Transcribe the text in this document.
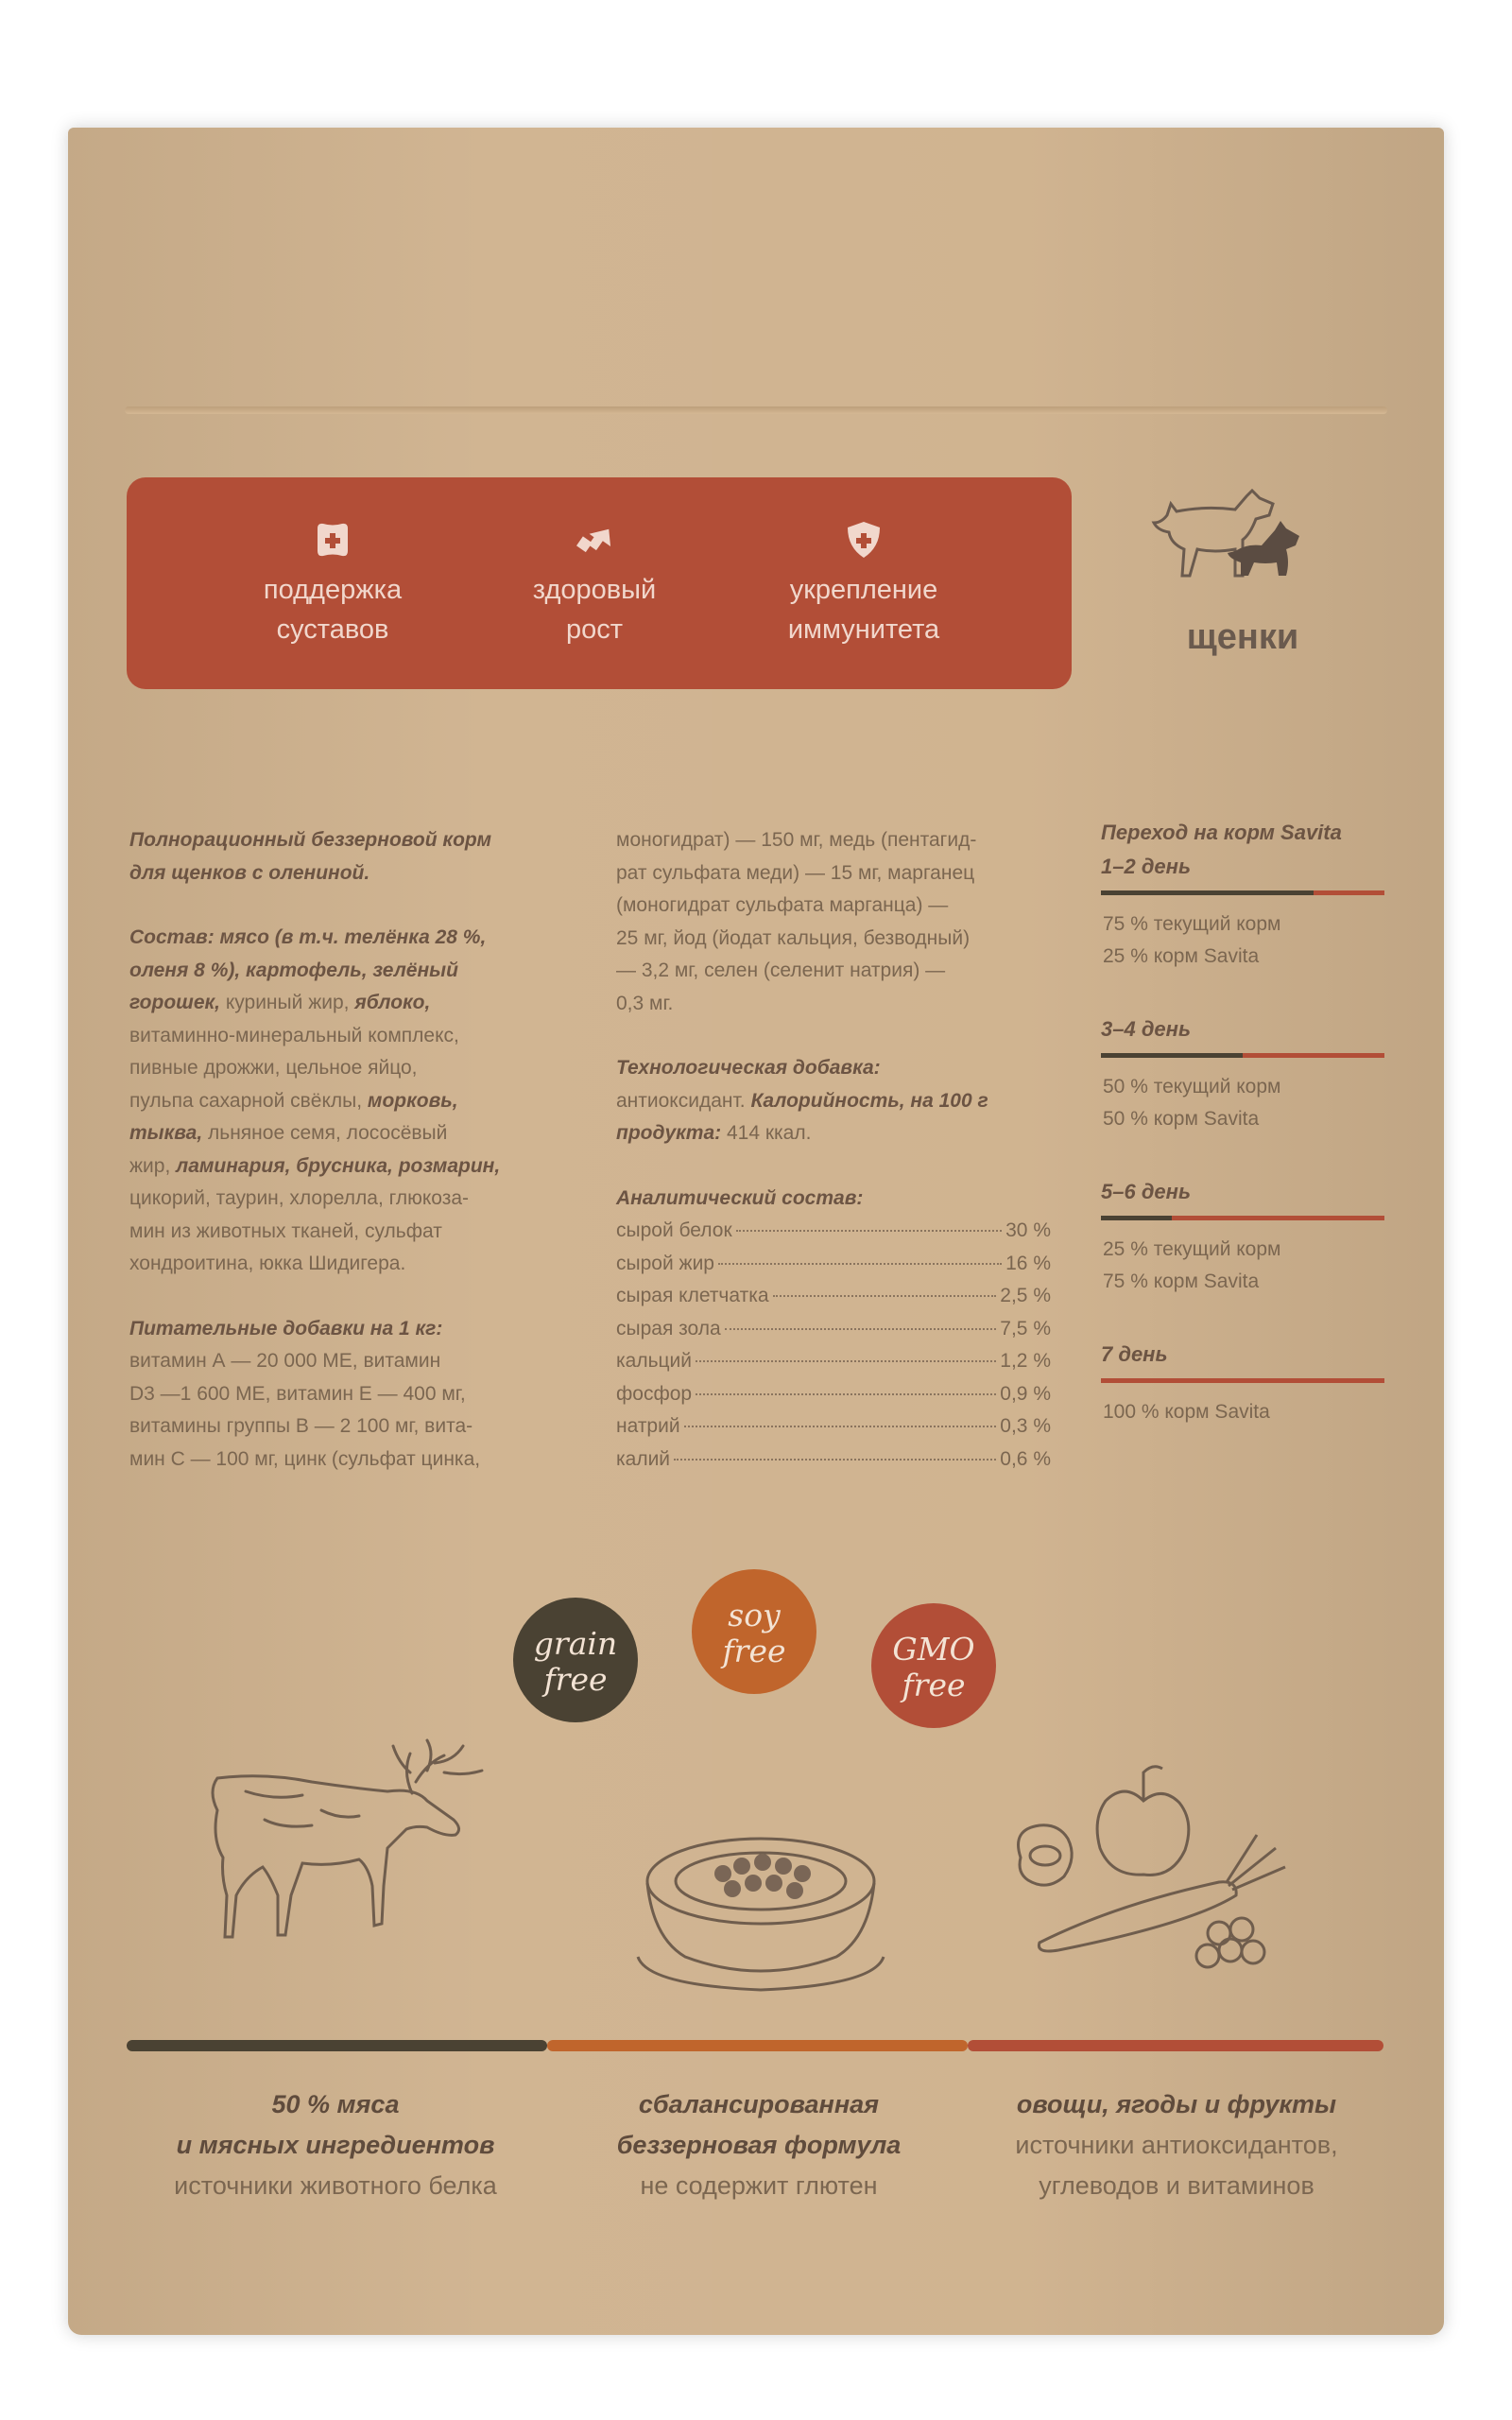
поддержка
суставов
здоровый
рост
укрепление
иммунитета	щенки
Полнорационный беззерновой корм
для щенков с олениной.
Состав: мясо (в т.ч. телёнка 28 %,
оленя 8 %), картофель, зелёный
горошек, куриный жир, яблоко,
витаминно-минеральный комплекс,
пивные дрожжи, цельное яйцо,
пульпа сахарной свёклы, морковь,
тыква, льняное семя, лососёвый
жир, ламинария, брусника, розмарин,
цикорий, таурин, хлорелла, глюкоза-
мин из животных тканей, сульфат
хондроитина, юкка Шидигера.
Питательные добавки на 1 кг:
витамин А — 20 000 МЕ, витамин
D3 —1 600 МЕ, витамин Е — 400 мг,
витамины группы В — 2 100 мг, вита-
мин С — 100 мг, цинк (сульфат цинка,
моногидрат) — 150 мг, медь (пентагид-
рат сульфата меди) — 15 мг, марганец
(моногидрат сульфата марганца) —
25 мг, йод (йодат кальция, безводный)
— 3,2 мг, селен (селенит натрия) —
0,3 мг.
Технологическая добавка:
антиоксидант. Калорийность, на 100 г
продукта: 414 ккал.
Аналитический состав:
сырой белок	30 %
сырой жир	16 %
сырая клетчатка	2,5 %
сырая зола	7,5 %
кальций	1,2 %
фосфор	0,9 %
натрий	0,3 %
калий	0,6 %
Переход на корм Savita
1–2 день
75 % текущий корм
25 % корм Savita
3–4 день
50 % текущий корм
50 % корм Savita
5–6 день
25 % текущий корм
75 % корм Savita
7 день
100 % корм Savita
grain
free
soy
free	GMO
free
50 % мяса
и мясных ингредиентов
источники животного белка
сбалансированная
беззерновая формула
не содержит глютен
овощи, ягоды и фрукты
источники антиоксидантов,
углеводов и витаминов
